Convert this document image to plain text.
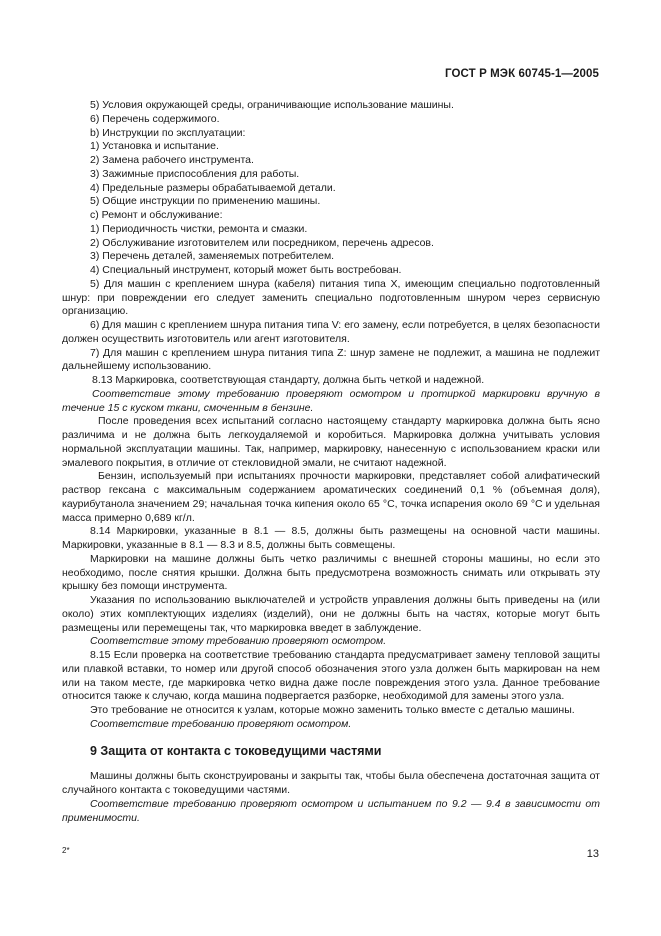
ГОСТ Р МЭК 60745-1—2005

5) Условия окружающей среды, ограничивающие использование машины.

6) Перечень содержимого.

b) Инструкции по эксплуатации:

1) Установка и испытание.

2) Замена рабочего инструмента.

3) Зажимные приспособления для работы.

4) Предельные размеры обрабатываемой детали.

5) Общие инструкции по применению машины.

c) Ремонт и обслуживание:

1) Периодичность чистки, ремонта и смазки.

2) Обслуживание изготовителем или посредником, перечень адресов.

3) Перечень деталей, заменяемых потребителем.

4) Специальный инструмент, который может быть востребован.

5) Для машин с креплением шнура (кабеля) питания типа X, имеющим специально подготовленный шнур: при повреждении его следует заменить специально подготовленным шнуром через сервисную организацию.

6) Для машин с креплением шнура питания типа V: его замену, если потребуется, в целях безопасности должен осуществить изготовитель или агент изготовителя.

7) Для машин с креплением шнура питания типа Z: шнур замене не подлежит, а машина не подлежит дальнейшему использованию.

8.13 Маркировка, соответствующая стандарту, должна быть четкой и надежной.

Соответствие этому требованию проверяют осмотром и протиркой маркировки вручную в течение 15 с куском ткани, смоченным в бензине.

После проведения всех испытаний согласно настоящему стандарту маркировка должна быть ясно различима и не должна быть легкоудаляемой и коробиться. Маркировка должна учитывать условия нормальной эксплуатации машины. Так, например, маркировку, нанесенную с использованием краски или эмалевого покрытия, в отличие от стекловидной эмали, не считают надежной.

Бензин, используемый при испытаниях прочности маркировки, представляет собой алифатический раствор гексана с максимальным содержанием ароматических соединений 0,1 % (объемная доля), каурибутанола значением 29; начальная точка кипения около 65 °С, точка испарения около 69 °С и удельная масса примерно 0,689 кг/л.

8.14 Маркировки, указанные в 8.1 — 8.5, должны быть размещены на основной части машины. Маркировки, указанные в 8.1 — 8.3 и 8.5, должны быть совмещены.

Маркировки на машине должны быть четко различимы с внешней стороны машины, но если это необходимо, после снятия крышки. Должна быть предусмотрена возможность снимать или открывать эту крышку без помощи инструмента.

Указания по использованию выключателей и устройств управления должны быть приведены на (или около) этих комплектующих изделиях (изделий), они не должны быть на частях, которые могут быть размещены или перемещены так, что маркировка введет в заблуждение.

Соответствие этому требованию проверяют осмотром.

8.15 Если проверка на соответствие требованию стандарта предусматривает замену тепловой защиты или плавкой вставки, то номер или другой способ обозначения этого узла должен быть маркирован на нем или на таком месте, где маркировка четко видна даже после повреждения этого узла. Данное требование относится также к случаю, когда машина подвергается разборке, необходимой для замены этого узла.

Это требование не относится к узлам, которые можно заменить только вместе с деталью машины.

Соответствие требованию проверяют осмотром.

9 Защита от контакта с токоведущими частями

Машины должны быть сконструированы и закрыты так, чтобы была обеспечена достаточная защита от случайного контакта с токоведущими частями.

Соответствие требованию проверяют осмотром и испытанием по 9.2 — 9.4 в зависимости от применимости.

2*	13
